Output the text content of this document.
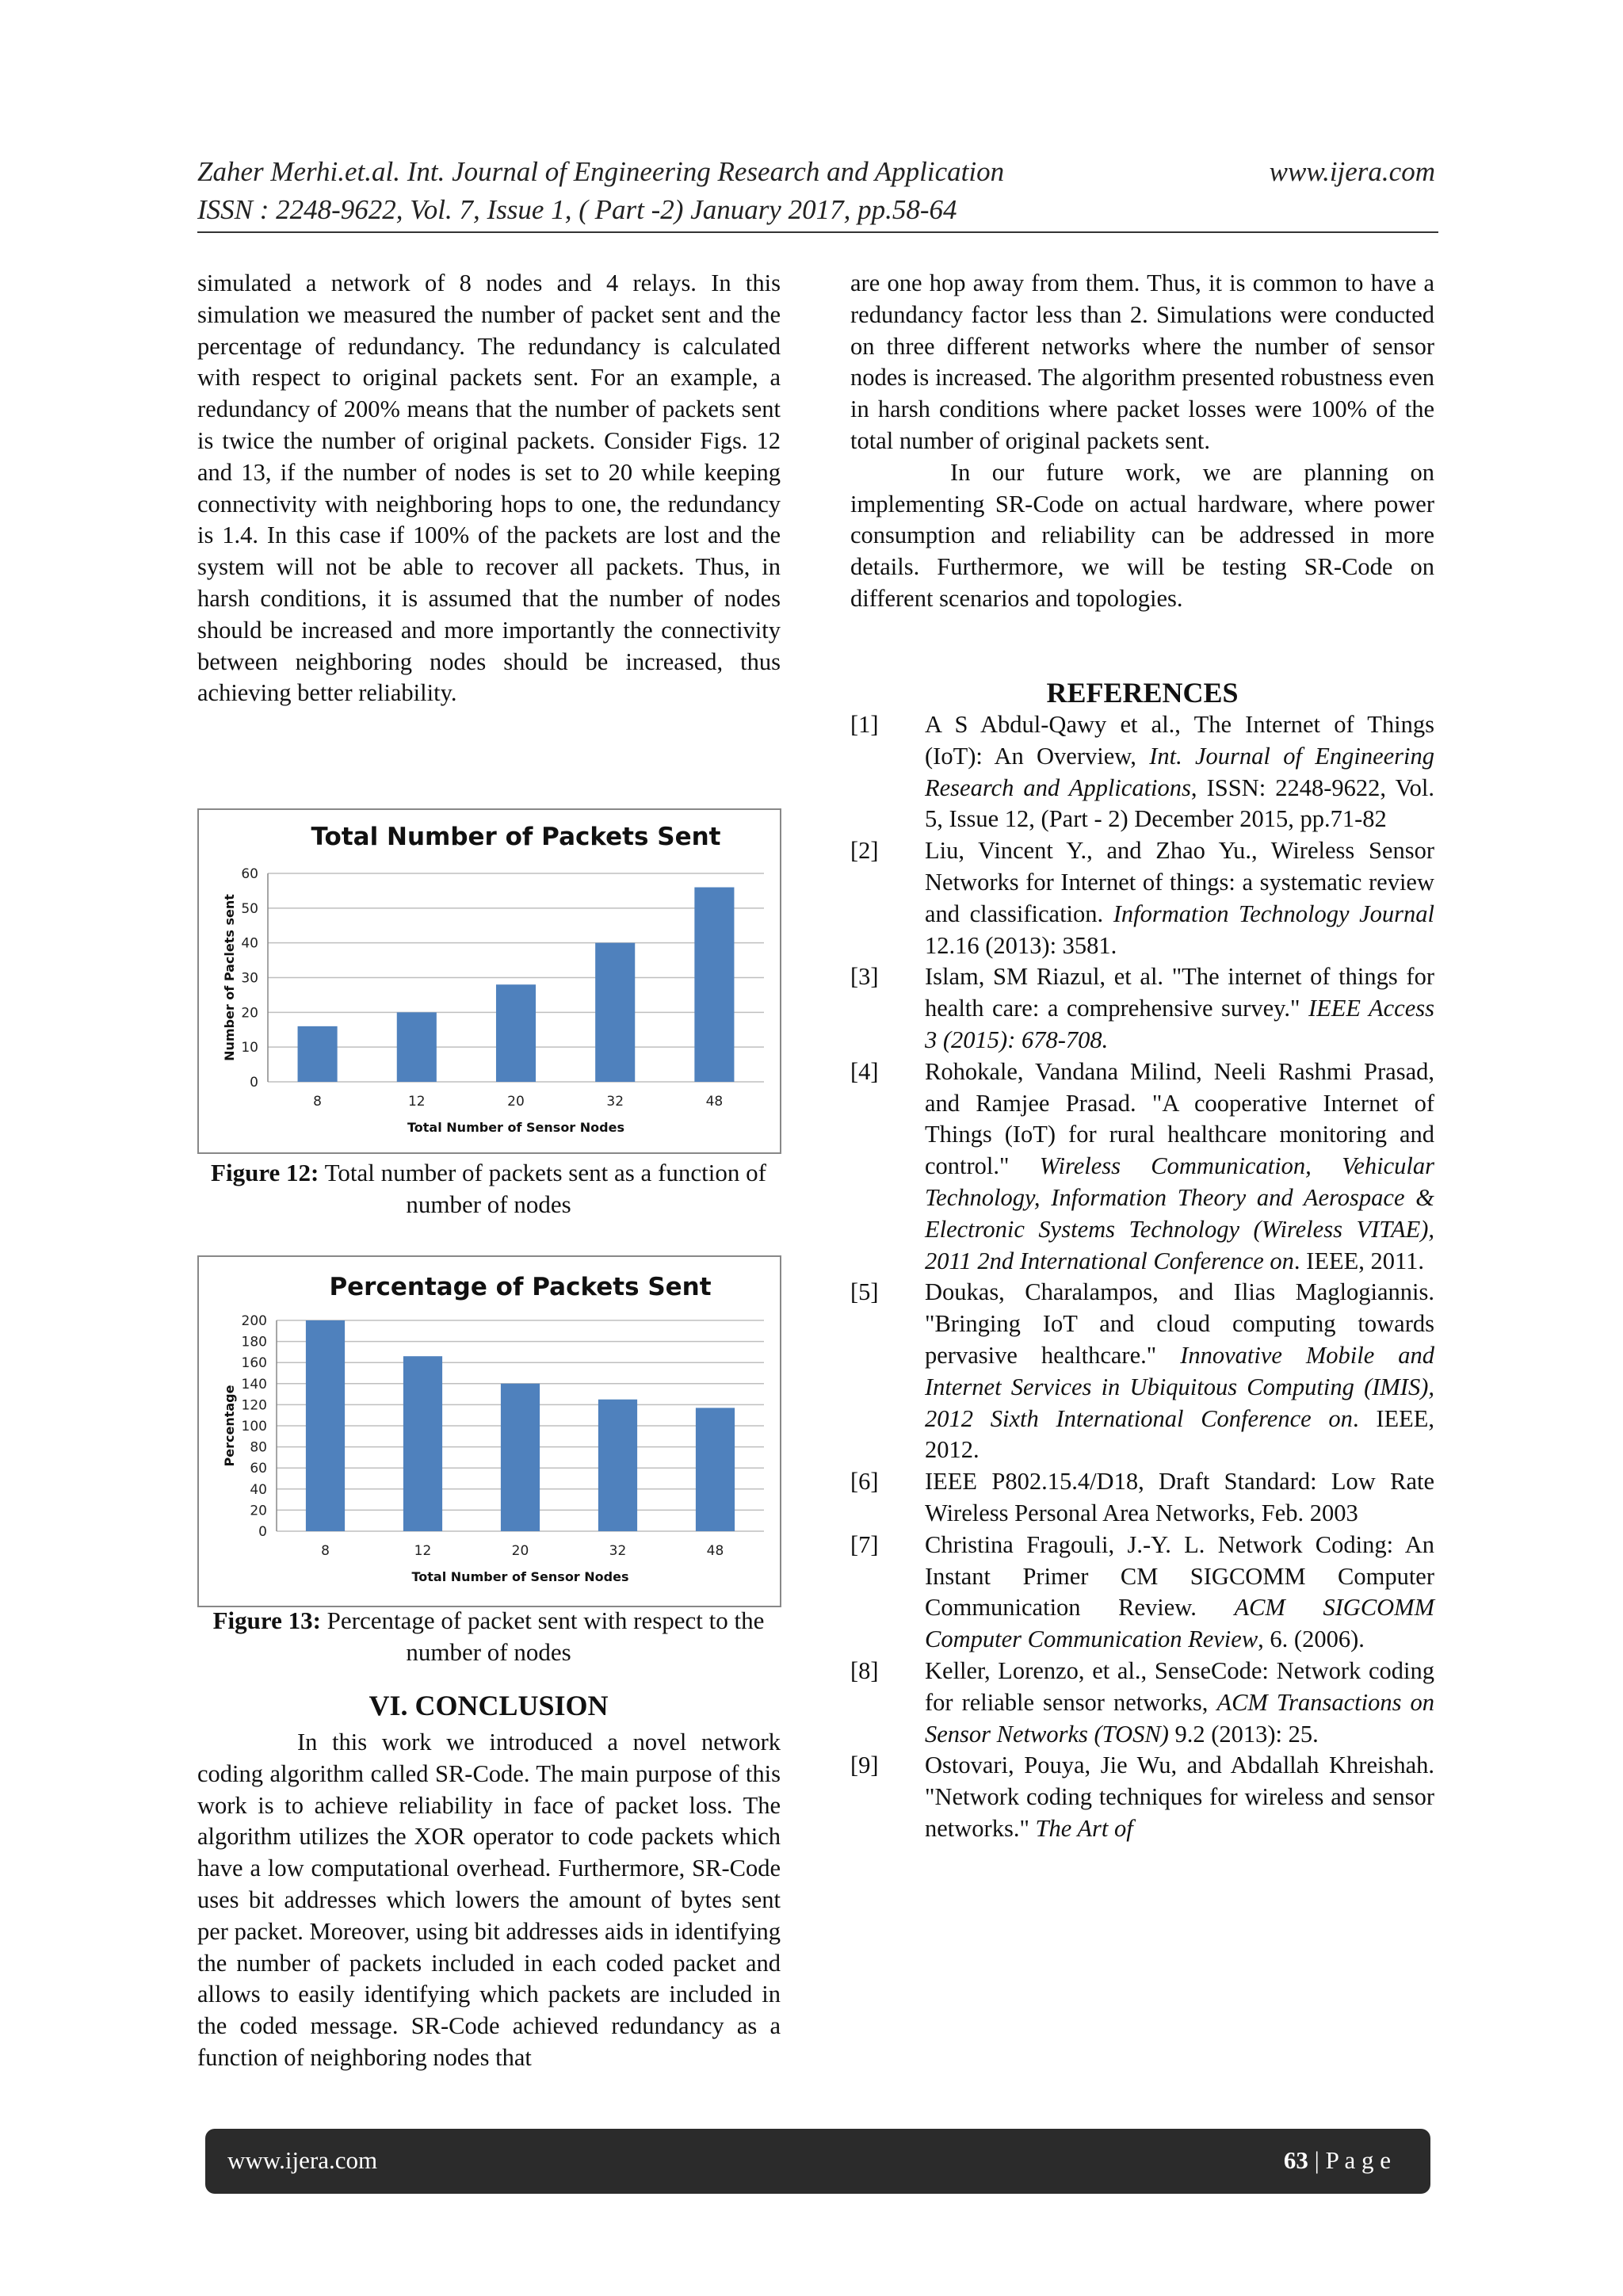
Zaher Merhi.et.al. Int. Journal of Engineering Research and Application	www.ijera.com
ISSN : 2248-9622, Vol. 7, Issue 1, ( Part -2) January 2017, pp.58-64

simulated a network of 8 nodes and 4 relays. In this simulation we measured the number of packet sent and the percentage of redundancy. The redundancy is calculated with respect to original packets sent. For an example, a redundancy of 200% means that the number of packets sent is twice the number of original packets. Consider Figs. 12 and 13, if the number of nodes is set to 20 while keeping connectivity with neighboring hops to one, the redundancy is 1.4. In this case if 100% of the packets are lost and the system will not be able to recover all packets. Thus, in harsh conditions, it is assumed that the number of nodes should be increased and more importantly the connectivity between neighboring nodes should be increased, thus achieving better reliability.

Total Number of Packets Sent
0
10
20
30
40
50
60
8	12	20	32	48
Total Number of Sensor Nodes
Number of Paclets sent
Figure 12: Total number of packets sent as a function of number of nodes
Percentage of Packets Sent
0
20
40
60
80
100
120
140
160
180
200
8	12	20	32	48
Total Number of Sensor Nodes
Percentage
Figure 13: Percentage of packet sent with respect to the number of nodes
VI. CONCLUSION

In this work we introduced a novel network coding algorithm called SR-Code. The main purpose of this work is to achieve reliability in face of packet loss. The algorithm utilizes the XOR operator to code packets which have a low computational overhead. Furthermore, SR-Code uses bit addresses which lowers the amount of bytes sent per packet. Moreover, using bit addresses aids in identifying the number of packets included in each coded packet and allows to easily identifying which packets are included in the coded message. SR-Code achieved redundancy as a function of neighboring nodes that

are one hop away from them. Thus, it is common to have a redundancy factor less than 2. Simulations were conducted on three different networks where the number of sensor nodes is increased. The algorithm presented robustness even in harsh conditions where packet losses were 100% of the total number of original packets sent.

In our future work, we are planning on implementing SR-Code on actual hardware, where power consumption and reliability can be addressed in more details. Furthermore, we will be testing SR-Code on different scenarios and topologies.

REFERENCES
[1]	A S Abdul-Qawy et al., The Internet of Things (IoT): An Overview, Int. Journal of Engineering Research and Applications, ISSN: 2248-9622, Vol. 5, Issue 12, (Part - 2) December 2015, pp.71-82
[2]	Liu, Vincent Y., and Zhao Yu., Wireless Sensor Networks for Internet of things: a systematic review and classification. Information Technology Journal 12.16 (2013): 3581.
[3]	Islam, SM Riazul, et al. "The internet of things for health care: a comprehensive survey." IEEE Access 3 (2015): 678-708.
[4]	Rohokale, Vandana Milind, Neeli Rashmi Prasad, and Ramjee Prasad. "A cooperative Internet of Things (IoT) for rural healthcare monitoring and control." Wireless Communication, Vehicular Technology, Information Theory and Aerospace & Electronic Systems Technology (Wireless VITAE), 2011 2nd International Conference on. IEEE, 2011.
[5]	Doukas, Charalampos, and Ilias Maglogiannis. "Bringing IoT and cloud computing towards pervasive healthcare." Innovative Mobile and Internet Services in Ubiquitous Computing (IMIS), 2012 Sixth International Conference on. IEEE, 2012.
[6]	IEEE P802.15.4/D18, Draft Standard: Low Rate Wireless Personal Area Networks, Feb. 2003
[7]	Christina Fragouli, J.-Y. L. Network Coding: An Instant Primer CM SIGCOMM Computer Communication Review. ACM SIGCOMM Computer Communication Review, 6. (2006).
[8]	Keller, Lorenzo, et al., SenseCode: Network coding for reliable sensor networks, ACM Transactions on Sensor Networks (TOSN) 9.2 (2013): 25.
[9]	Ostovari, Pouya, Jie Wu, and Abdallah Khreishah. "Network coding techniques for wireless and sensor networks." The Art of
www.ijera.com	63 | P a g e
